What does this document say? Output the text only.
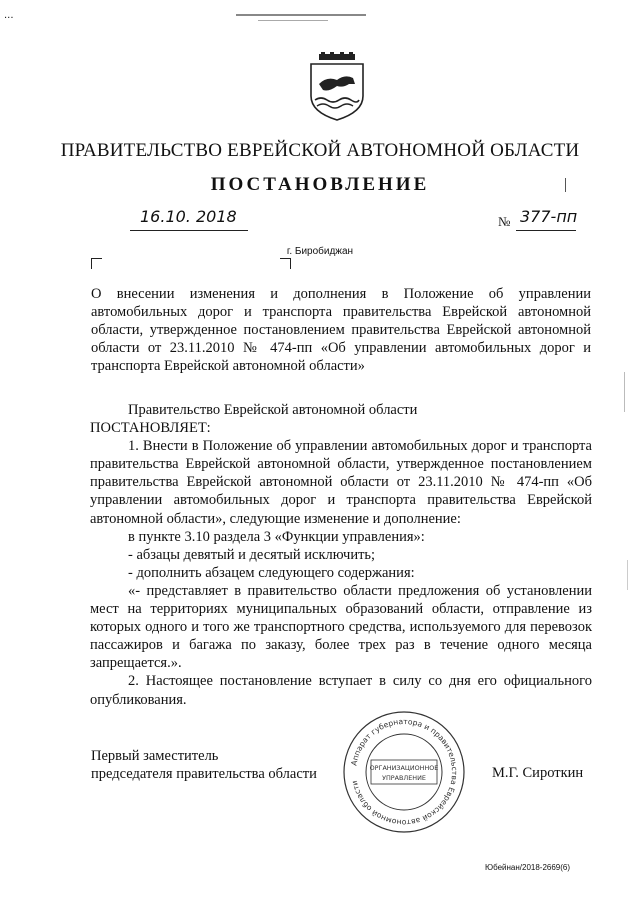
...
ПРАВИТЕЛЬСТВО ЕВРЕЙСКОЙ АВТОНОМНОЙ ОБЛАСТИ
ПОСТАНОВЛЕНИЕ
16.10. 2018	№ 377-пп
г. Биробиджан
О внесении изменения и дополнения в Положение об управлении автомобильных дорог и транспорта правительства Еврейской автономной области, утвержденное постановлением правительства Еврейской автономной области от 23.11.2010 № 474-пп «Об управлении автомобильных дорог и транспорта Еврейской автономной области»

Правительство Еврейской автономной области

ПОСТАНОВЛЯЕТ:

1. Внести в Положение об управлении автомобильных дорог и транспорта правительства Еврейской автономной области, утвержденное постановлением правительства Еврейской автономной области от 23.11.2010 № 474-пп «Об управлении автомобильных дорог и транспорта правительства Еврейской автономной области», следующие изменение и дополнение:

в пункте 3.10 раздела 3 «Функции управления»:

- абзацы девятый и десятый исключить;

- дополнить абзацем следующего содержания:

«- представляет в правительство области предложения об установлении мест на территориях муниципальных образований области, отправление из которых одного и того же транспортного средства, используемого для перевозок пассажиров и багажа по заказу, более трех раз в течение одного месяца запрещается.».

2. Настоящее постановление вступает в силу со дня его официального опубликования.

Первый заместитель
председателя правительства области	М.Г. Сироткин
Аппарат губернатора и правительства Еврейской автономной области
ОРГАНИЗАЦИОННОЕ
УПРАВЛЕНИЕ
Юбейнан/2018-2669(6)
